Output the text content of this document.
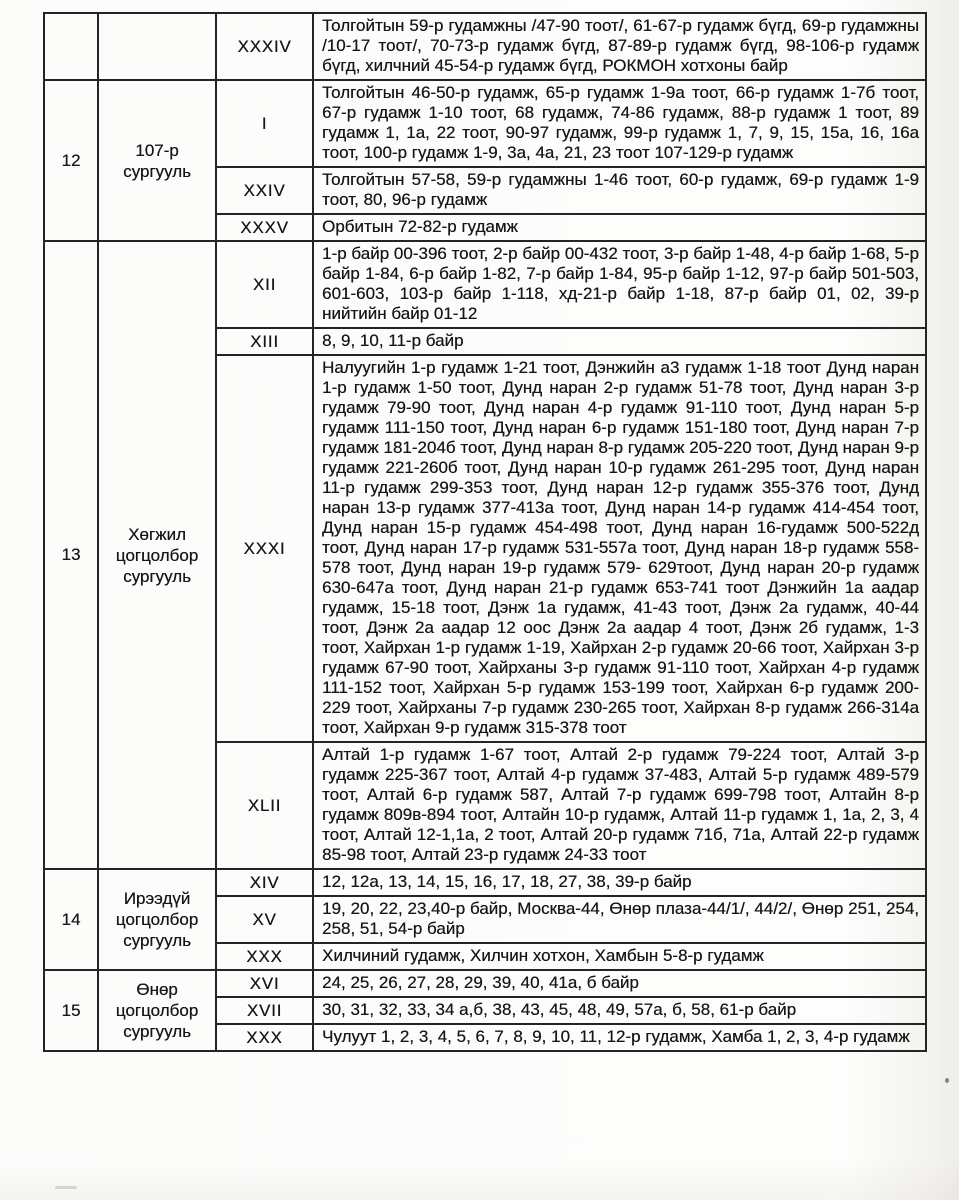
		XXXIV	Толгойтын 59-р гудамжны /47-90 тоот/, 61-67-р гудамж бүгд, 69-р гудамжны /10-17 тоот/, 70-73-р гудамж бүгд, 87-89-р гудамж бүгд, 98-106-р гудамж бүгд, хилчний 45-54-р гудамж бүгд, РОКМОН хотхоны байр
12	107-р сургууль	I	Толгойтын 46-50-р гудамж, 65-р гудамж 1-9а тоот, 66-р гудамж 1-7б тоот, 67-р гудамж 1-10 тоот, 68 гудамж, 74-86 гудамж, 88-р гудамж 1 тоот, 89 гудамж 1, 1а, 22 тоот, 90-97 гудамж, 99-р гудамж 1, 7, 9, 15, 15а, 16, 16а тоот, 100-р гудамж 1-9, 3а, 4а, 21, 23 тоот 107-129-р гудамж
		XXIV	Толгойтын 57-58, 59-р гудамжны 1-46 тоот, 60-р гудамж, 69-р гудамж 1-9 тоот, 80, 96-р гудамж
		XXXV	Орбитын 72-82-р гудамж
13	Хөгжил цогцолбор сургууль	XII	1-р байр 00-396 тоот, 2-р байр 00-432 тоот, 3-р байр 1-48, 4-р байр 1-68, 5-р байр 1-84, 6-р байр 1-82, 7-р байр 1-84, 95-р байр 1-12, 97-р байр 501-503, 601-603, 103-р байр 1-118, хд-21-р байр 1-18, 87-р байр 01, 02, 39-р нийтийн байр 01-12
		XIII	8, 9, 10, 11-р байр
		XXXI	Налуугийн 1-р гудамж 1-21 тоот, Дэнжийн а3 гудамж 1-18 тоот Дунд наран 1-р гудамж 1-50 тоот, Дунд наран 2-р гудамж 51-78 тоот, Дунд наран 3-р гудамж 79-90 тоот, Дунд наран 4-р гудамж 91-110 тоот, Дунд наран 5-р гудамж 111-150 тоот, Дунд наран 6-р гудамж 151-180 тоот, Дунд наран 7-р гудамж 181-204б тоот, Дунд наран 8-р гудамж 205-220 тоот, Дунд наран 9-р гудамж 221-260б тоот, Дунд наран 10-р гудамж 261-295 тоот, Дунд наран 11-р гудамж 299-353 тоот, Дунд наран 12-р гудамж 355-376 тоот, Дунд наран 13-р гудамж 377-413а тоот, Дунд наран 14-р гудамж 414-454 тоот, Дунд наран 15-р гудамж 454-498 тоот, Дунд наран 16-гудамж 500-522д тоот, Дунд наран 17-р гудамж 531-557а тоот, Дунд наран 18-р гудамж 558-578 тоот, Дунд наран 19-р гудамж 579- 629тоот, Дунд наран 20-р гудамж 630-647а тоот, Дунд наран 21-р гудамж 653-741 тоот Дэнжийн 1а аадар гудамж, 15-18 тоот, Дэнж 1а гудамж, 41-43 тоот, Дэнж 2а гудамж, 40-44 тоот, Дэнж 2а аадар 12 оос Дэнж 2а аадар 4 тоот, Дэнж 2б гудамж, 1-3 тоот, Хайрхан 1-р гудамж 1-19, Хайрхан 2-р гудамж 20-66 тоот, Хайрхан 3-р гудамж 67-90 тоот, Хайрханы 3-р гудамж 91-110 тоот, Хайрхан 4-р гудамж 111-152 тоот, Хайрхан 5-р гудамж 153-199 тоот, Хайрхан 6-р гудамж 200-229 тоот, Хайрханы 7-р гудамж 230-265 тоот, Хайрхан 8-р гудамж 266-314а тоот, Хайрхан 9-р гудамж 315-378 тоот
		XLII	Алтай 1-р гудамж 1-67 тоот, Алтай 2-р гудамж 79-224 тоот, Алтай 3-р гудамж 225-367 тоот, Алтай 4-р гудамж 37-483, Алтай 5-р гудамж 489-579 тоот, Алтай 6-р гудамж 587, Алтай 7-р гудамж 699-798 тоот, Алтайн 8-р гудамж 809в-894 тоот, Алтайн 10-р гудамж, Алтай 11-р гудамж 1, 1а, 2, 3, 4 тоот, Алтай 12-1,1а, 2 тоот, Алтай 20-р гудамж 71б, 71а, Алтай 22-р гудамж 85-98 тоот, Алтай 23-р гудамж 24-33 тоот
14	Ирээдүй цогцолбор сургууль	XIV	12, 12а, 13, 14, 15, 16, 17, 18, 27, 38, 39-р байр
		XV	19, 20, 22, 23,40-р байр, Москва-44, Өнөр плаза-44/1/, 44/2/, Өнөр 251, 254, 258, 51, 54-р байр
		XXX	Хилчиний гудамж, Хилчин хотхон, Хамбын 5-8-р гудамж
15	Өнөр цогцолбор сургууль	XVI	24, 25, 26, 27, 28, 29, 39, 40, 41а, б байр
		XVII	30, 31, 32, 33, 34 а,б, 38, 43, 45, 48, 49, 57а, б, 58, 61-р байр
		XXX	Чулуут 1, 2, 3, 4, 5, 6, 7, 8, 9, 10, 11, 12-р гудамж, Хамба 1, 2, 3, 4-р гудамж
